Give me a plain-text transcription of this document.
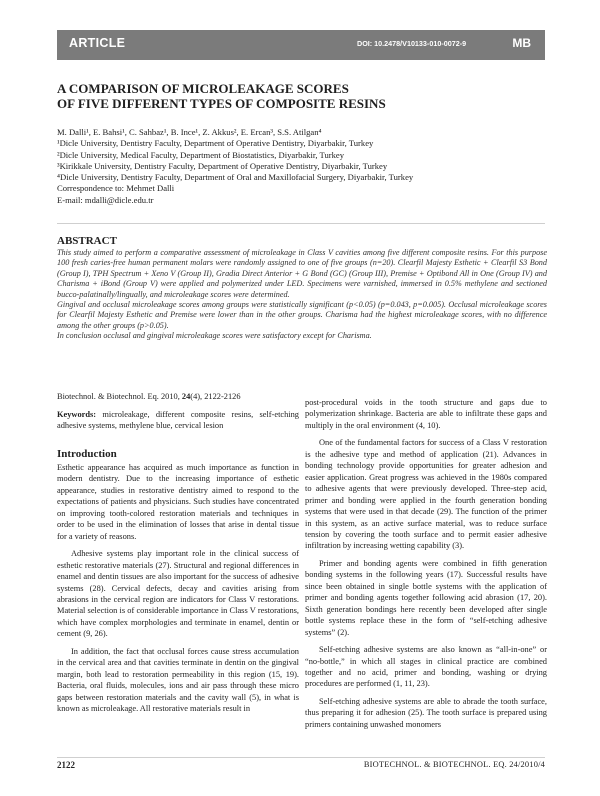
ARTICLE	DOI: 10.2478/V10133-010-0072-9	MB
A COMPARISON OF MICROLEAKAGE SCORES
OF FIVE DIFFERENT TYPES OF COMPOSITE RESINS

M. Dalli¹, E. Bahsi¹, C. Sahbaz¹, B. Ince¹, Z. Akkus², E. Ercan³, S.S. Atilgan⁴

¹Dicle University, Dentistry Faculty, Department of Operative Dentistry, Diyarbakir, Turkey

²Dicle University, Medical Faculty, Department of Biostatistics, Diyarbakir, Turkey

³Kirikkale University, Dentistry Faculty, Department of Operative Dentistry, Diyarbakir, Turkey

⁴Dicle University, Dentistry Faculty, Department of Oral and Maxillofacial Surgery, Diyarbakir, Turkey

Correspondence to: Mehmet Dalli

E-mail: mdalli@dicle.edu.tr

ABSTRACT

This study aimed to perform a comparative assessment of microleakage in Class V cavities among five different composite resins. For this purpose 100 fresh caries-free human permanent molars were randomly assigned to one of five groups (n=20). Clearfil Majesty Esthetic + Clearfil S3 Bond (Group I), TPH Spectrum + Xeno V (Group II), Gradia Direct Anterior + G Bond (GC) (Group III), Premise + Optibond All in One (Group IV) and Charisma + iBond (Group V) were applied and polymerized under LED. Specimens were varnished, immersed in 0.5% methylene and sectioned bucco-palatinally/lingually, and microleakage scores were determined.

Gingival and occlusal microleakage scores among groups were statistically significant (p<0.05) (p=0.043, p=0.005). Occlusal microleakage scores for Clearfil Majesty Esthetic and Premise were lower than in the other groups. Charisma had the highest microleakage scores, with no difference among the other groups (p>0.05).

In conclusion occlusal and gingival microleakage scores were satisfactory except for Charisma.

Biotechnol. & Biotechnol. Eq. 2010, 24(4), 2122-2126
Keywords: microleakage, different composite resins, self-etching adhesive systems, methylene blue, cervical lesion
Introduction

Esthetic appearance has acquired as much importance as function in modern dentistry. Due to the increasing importance of esthetic appearance, studies in restorative dentistry aimed to respond to the expectations of patients and physicians. Such studies have concentrated on improving tooth-colored restoration materials and techniques in order to be used in the elimination of losses that arise in dental tissue for a variety of reasons.

Adhesive systems play important role in the clinical success of esthetic restorative materials (27). Structural and regional differences in enamel and dentin tissues are also important for the success of adhesive systems (28). Cervical defects, decay and cavities arising from abrasions in the cervical region are indicators for Class V restorations. Material selection is of considerable importance in Class V restorations, which have complex morphologies and terminate in enamel, dentin or cement (9, 26).

In addition, the fact that occlusal forces cause stress accumulation in the cervical area and that cavities terminate in dentin on the gingival margin, both lead to restoration permeability in this region (15, 19). Bacteria, oral fluids, molecules, ions and air pass through these micro gaps between restoration materials and the cavity wall (5), in what is known as microleakage. All restorative materials result in

post-procedural voids in the tooth structure and gaps due to polymerization shrinkage. Bacteria are able to infiltrate these gaps and multiply in the oral environment (4, 10).

One of the fundamental factors for success of a Class V restoration is the adhesive type and method of application (21). Advances in bonding technology provide opportunities for greater adhesion and easier application. Great progress was achieved in the 1980s compared to adhesive agents that were previously developed. Three-step acid, primer and bonding were applied in the fourth generation bonding systems that were used in that decade (29). The function of the primer in this system, as an active surface material, was to reduce surface tension by covering the tooth surface and to permit easier adhesive infiltration by increasing wetting capability (3).

Primer and bonding agents were combined in fifth generation bonding systems in the following years (17). Successful results have since been obtained in single bottle systems with the application of primer and bonding agents together following acid abrasion (17, 20). Sixth generation bondings here recently been developed after single bottle systems replace these in the form of “self-etching adhesive systems” (2).

Self-etching adhesive systems are also known as “all-in-one” or “no-bottle,” in which all stages in clinical practice are combined together and no acid, primer and bonding, washing or drying procedures are performed (1, 11, 23).

Self-etching adhesive systems are able to abrade the tooth surface, thus preparing it for adhesion (25). The tooth surface is prepared using primers containing unwashed monomers

2122	BIOTECHNOL. & BIOTECHNOL. EQ. 24/2010/4
